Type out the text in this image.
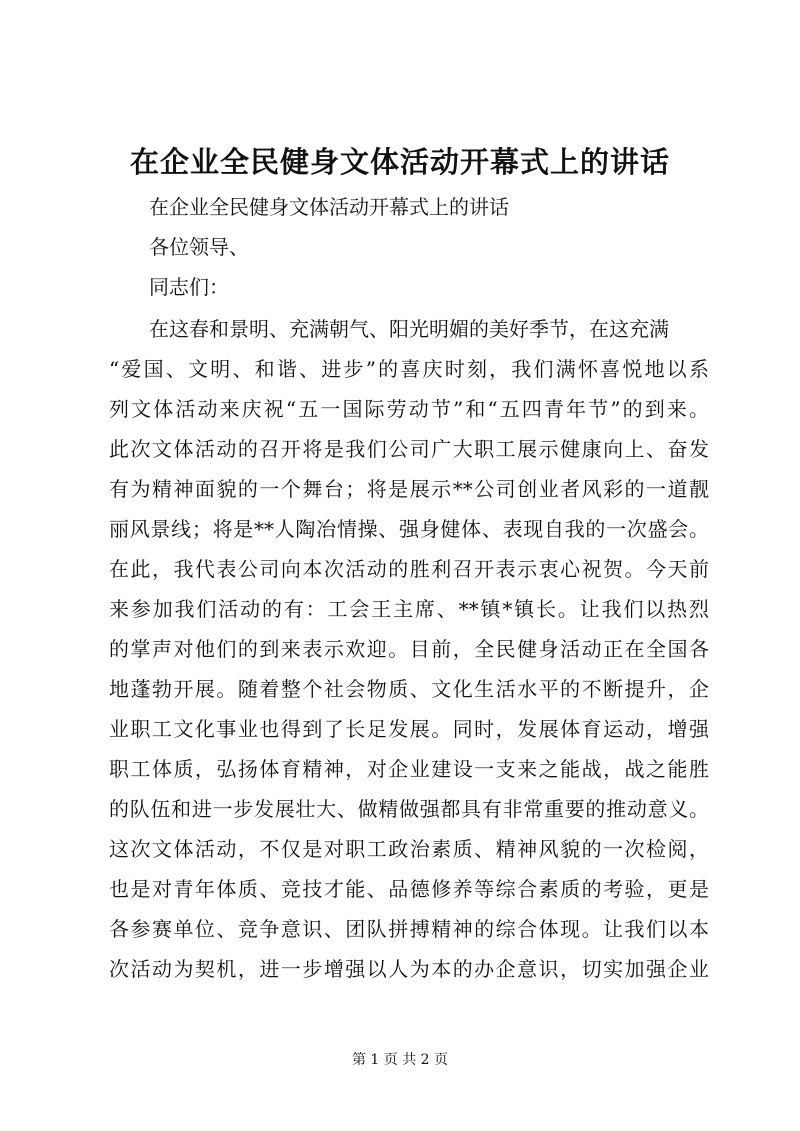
在企业全民健身文体活动开幕式上的讲话
在企业全民健身文体活动开幕式上的讲话
各位领导、
同志们：
在这春和景明、充满朝气、阳光明媚的美好季节，在这充满
“爱国、文明、和谐、进步”的喜庆时刻，我们满怀喜悦地以系
列文体活动来庆祝“五一国际劳动节”和“五四青年节”的到来。
此次文体活动的召开将是我们公司广大职工展示健康向上、奋发
有为精神面貌的一个舞台；将是展示**公司创业者风彩的一道靓
丽风景线；将是**人陶冶情操、强身健体、表现自我的一次盛会。
在此，我代表公司向本次活动的胜利召开表示衷心祝贺。今天前
来参加我们活动的有：工会王主席、**镇*镇长。让我们以热烈
的掌声对他们的到来表示欢迎。目前，全民健身活动正在全国各
地蓬勃开展。随着整个社会物质、文化生活水平的不断提升，企
业职工文化事业也得到了长足发展。同时，发展体育运动，增强
职工体质，弘扬体育精神，对企业建设一支来之能战，战之能胜
的队伍和进一步发展壮大、做精做强都具有非常重要的推动意义。
这次文体活动，不仅是对职工政治素质、精神风貌的一次检阅，
也是对青年体质、竞技才能、品德修养等综合素质的考验，更是
各参赛单位、竞争意识、团队拼搏精神的综合体现。让我们以本
次活动为契机，进一步增强以人为本的办企意识，切实加强企业
第 1 页 共 2 页
